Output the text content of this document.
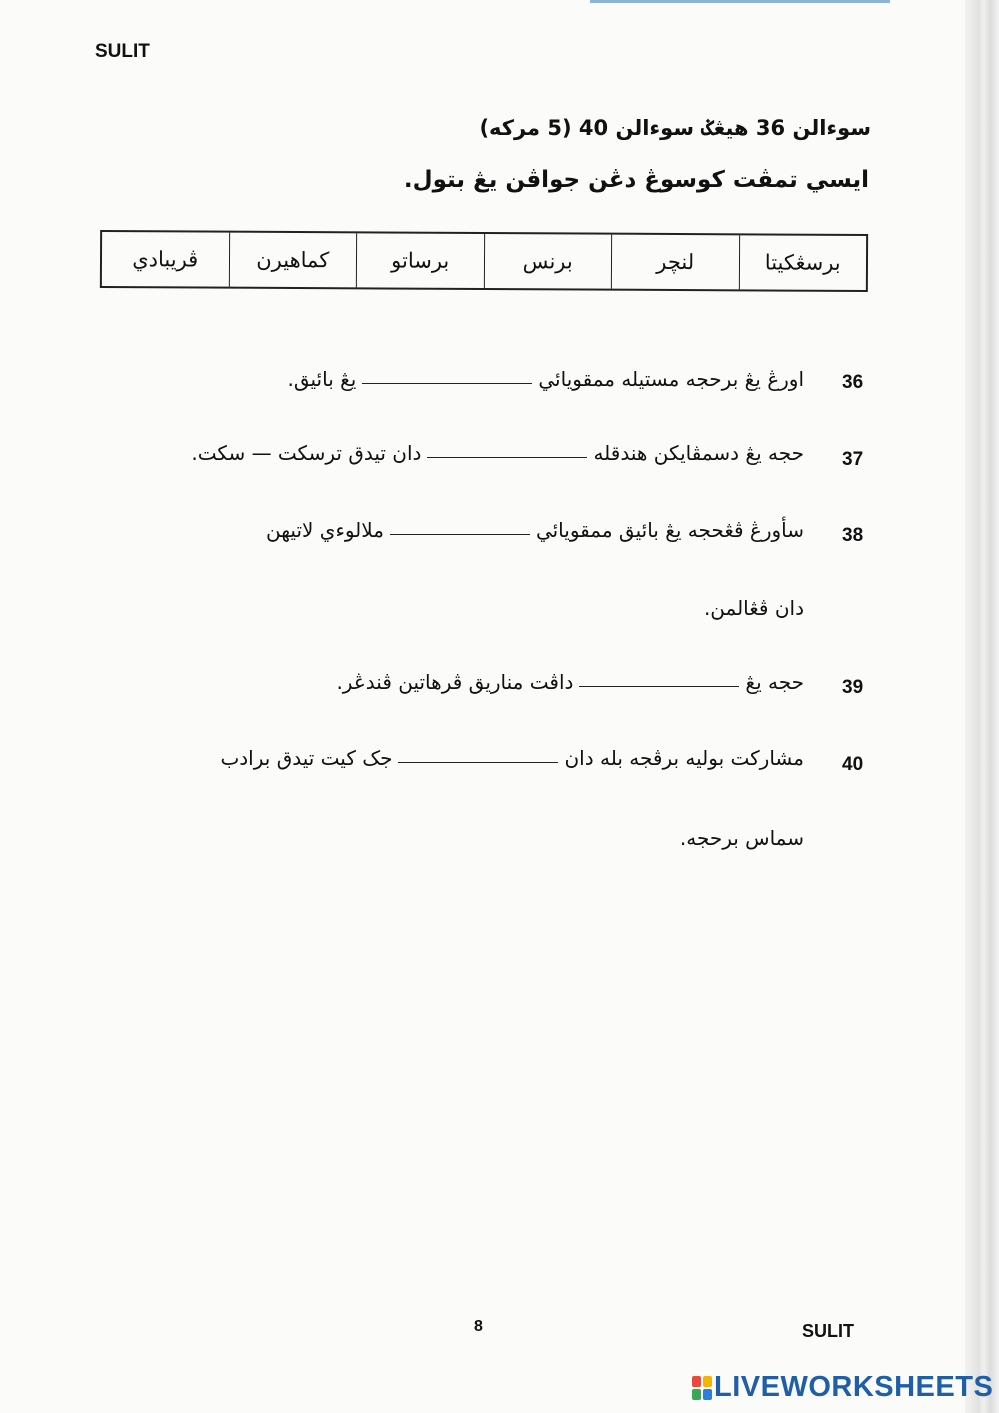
SULIT
سوءالن 36 هيڠݢ سوءالن 40 (5 مرکه)
ايسي تمڤت کوسوڠ دڠن جواڤن يڠ بتول.
برسڠکيتا
لنچر
برنس
برساتو
کماهيرن
ڤريبادي
36
اورڠ يڠ برحجه مستيله ممقويائي
يڠ بائيق.
37
حجه يڠ دسمڤايکن هندقله
دان تيدق ترسکت — سکت.
38
سأورڠ ڤڠحجه يڠ بائيق ممقويائي
ملالوءي لاتيهن
دان ڤڠالمن.
39
حجه يڠ
داڤت مناريق ڤرهاتين ڤندڠر.
40
مشارکت بوليه برڤجه بله دان
جک کيت تيدق برادب
سماس برحجه.
8	SULIT
LIVEWORKSHEETS
